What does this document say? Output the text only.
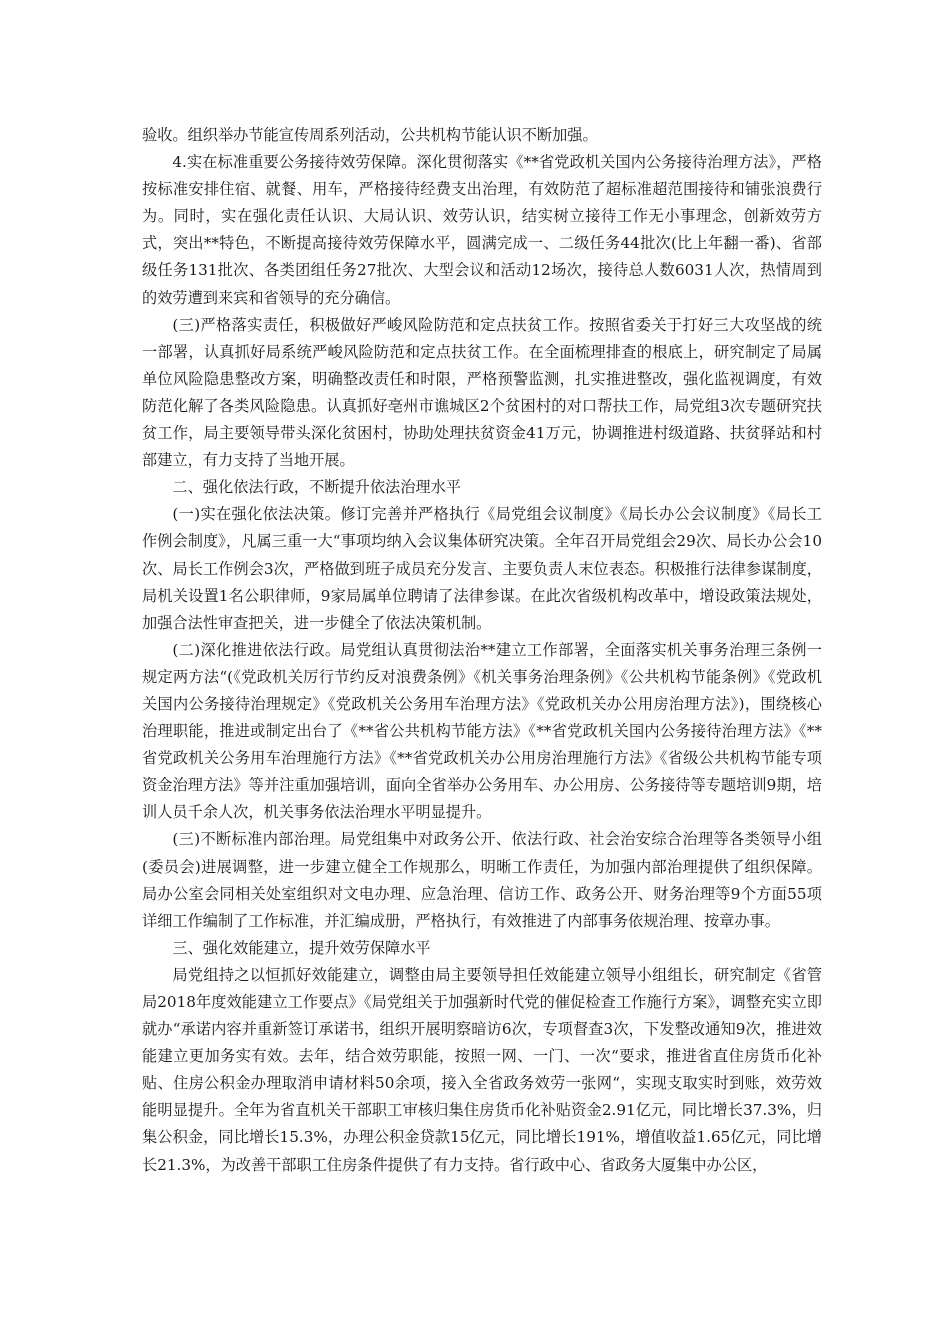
验收。组织举办节能宣传周系列活动，公共机构节能认识不断加强。

4.实在标准重要公务接待效劳保障。深化贯彻落实《**省党政机关国内公务接待治理方法》，严格按标准安排住宿、就餐、用车，严格接待经费支出治理，有效防范了超标准超范围接待和铺张浪费行为。同时，实在强化责任认识、大局认识、效劳认识，结实树立接待工作无小事理念，创新效劳方式，突出**特色，不断提高接待效劳保障水平，圆满完成一、二级任务44批次(比上年翻一番)、省部级任务131批次、各类团组任务27批次、大型会议和活动12场次，接待总人数6031人次，热情周到的效劳遭到来宾和省领导的充分确信。

(三)严格落实责任，积极做好严峻风险防范和定点扶贫工作。按照省委关于打好三大攻坚战的统一部署，认真抓好局系统严峻风险防范和定点扶贫工作。在全面梳理排查的根底上，研究制定了局属单位风险隐患整改方案，明确整改责任和时限，严格预警监测，扎实推进整改，强化监视调度，有效防范化解了各类风险隐患。认真抓好亳州市谯城区2个贫困村的对口帮扶工作，局党组3次专题研究扶贫工作，局主要领导带头深化贫困村，协助处理扶贫资金41万元，协调推进村级道路、扶贫驿站和村部建立，有力支持了当地开展。

二、强化依法行政，不断提升依法治理水平

(一)实在强化依法决策。修订完善并严格执行《局党组会议制度》《局长办公会议制度》《局长工作例会制度》，凡属三重一大“事项均纳入会议集体研究决策。全年召开局党组会29次、局长办公会10次、局长工作例会3次，严格做到班子成员充分发言、主要负责人末位表态。积极推行法律参谋制度，局机关设置1名公职律师，9家局属单位聘请了法律参谋。在此次省级机构改革中，增设政策法规处，加强合法性审查把关，进一步健全了依法决策机制。

(二)深化推进依法行政。局党组认真贯彻法治**建立工作部署，全面落实机关事务治理三条例一规定两方法“(《党政机关厉行节约反对浪费条例》《机关事务治理条例》《公共机构节能条例》《党政机关国内公务接待治理规定》《党政机关公务用车治理方法》《党政机关办公用房治理方法》)，围绕核心治理职能，推进或制定出台了《**省公共机构节能方法》《**省党政机关国内公务接待治理方法》《**省党政机关公务用车治理施行方法》《**省党政机关办公用房治理施行方法》《省级公共机构节能专项资金治理方法》等并注重加强培训，面向全省举办公务用车、办公用房、公务接待等专题培训9期，培训人员千余人次，机关事务依法治理水平明显提升。

(三)不断标准内部治理。局党组集中对政务公开、依法行政、社会治安综合治理等各类领导小组(委员会)进展调整，进一步建立健全工作规那么，明晰工作责任，为加强内部治理提供了组织保障。局办公室会同相关处室组织对文电办理、应急治理、信访工作、政务公开、财务治理等9个方面55项详细工作编制了工作标准，并汇编成册，严格执行，有效推进了内部事务依规治理、按章办事。

三、强化效能建立，提升效劳保障水平

局党组持之以恒抓好效能建立，调整由局主要领导担任效能建立领导小组组长，研究制定《省管局2018年度效能建立工作要点》《局党组关于加强新时代党的催促检查工作施行方案》，调整充实立即就办“承诺内容并重新签订承诺书，组织开展明察暗访6次，专项督查3次，下发整改通知9次，推进效能建立更加务实有效。去年，结合效劳职能，按照一网、一门、一次“要求，推进省直住房货币化补贴、住房公积金办理取消申请材料50余项，接入全省政务效劳一张网“，实现支取实时到账，效劳效能明显提升。全年为省直机关干部职工审核归集住房货币化补贴资金2.91亿元，同比增长37.3%，归集公积金，同比增长15.3%，办理公积金贷款15亿元，同比增长191%，增值收益1.65亿元，同比增长21.3%，为改善干部职工住房条件提供了有力支持。省行政中心、省政务大厦集中办公区，
